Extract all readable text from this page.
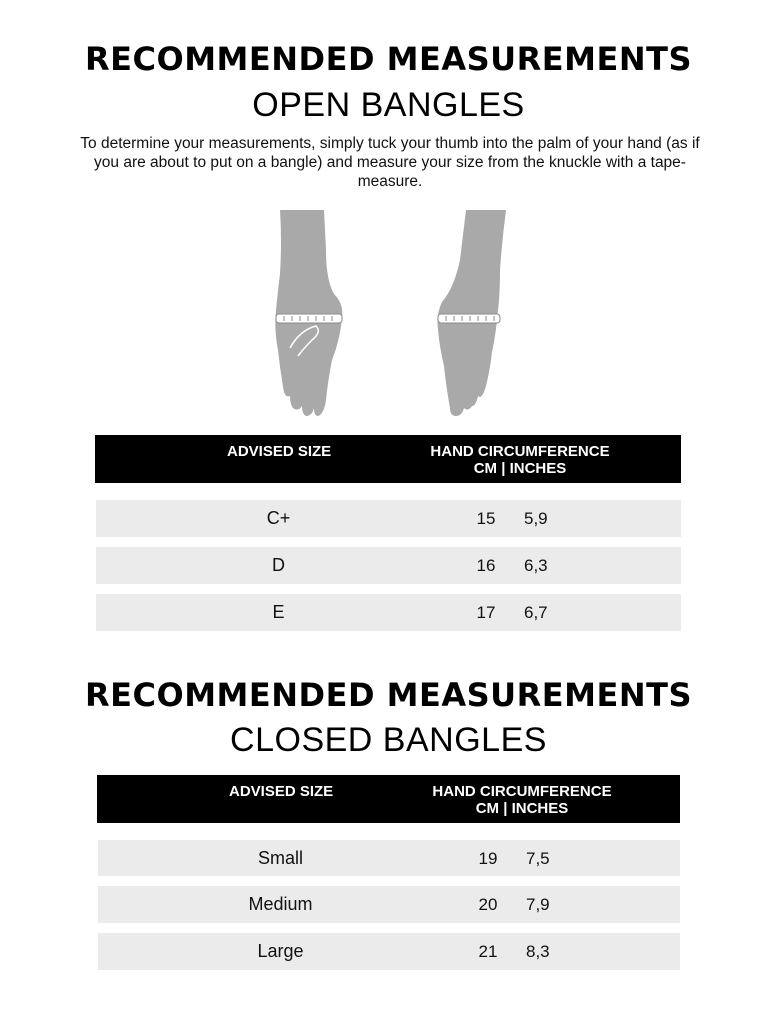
RECOMMENDED MEASUREMENTS
OPEN BANGLES
To determine your measurements, simply tuck your thumb into the palm of your hand (as if you are about to put on a bangle) and measure your size from the knuckle with a tape-measure.
ADVISED SIZE	HAND CIRCUMFERENCE
CM | INCHES
C+	15 5,9
D	16 6,3
E	17 6,7
RECOMMENDED MEASUREMENTS
CLOSED BANGLES
ADVISED SIZE	HAND CIRCUMFERENCE
CM | INCHES
Small	19 7,5
Medium	20 7,9
Large	21 8,3
